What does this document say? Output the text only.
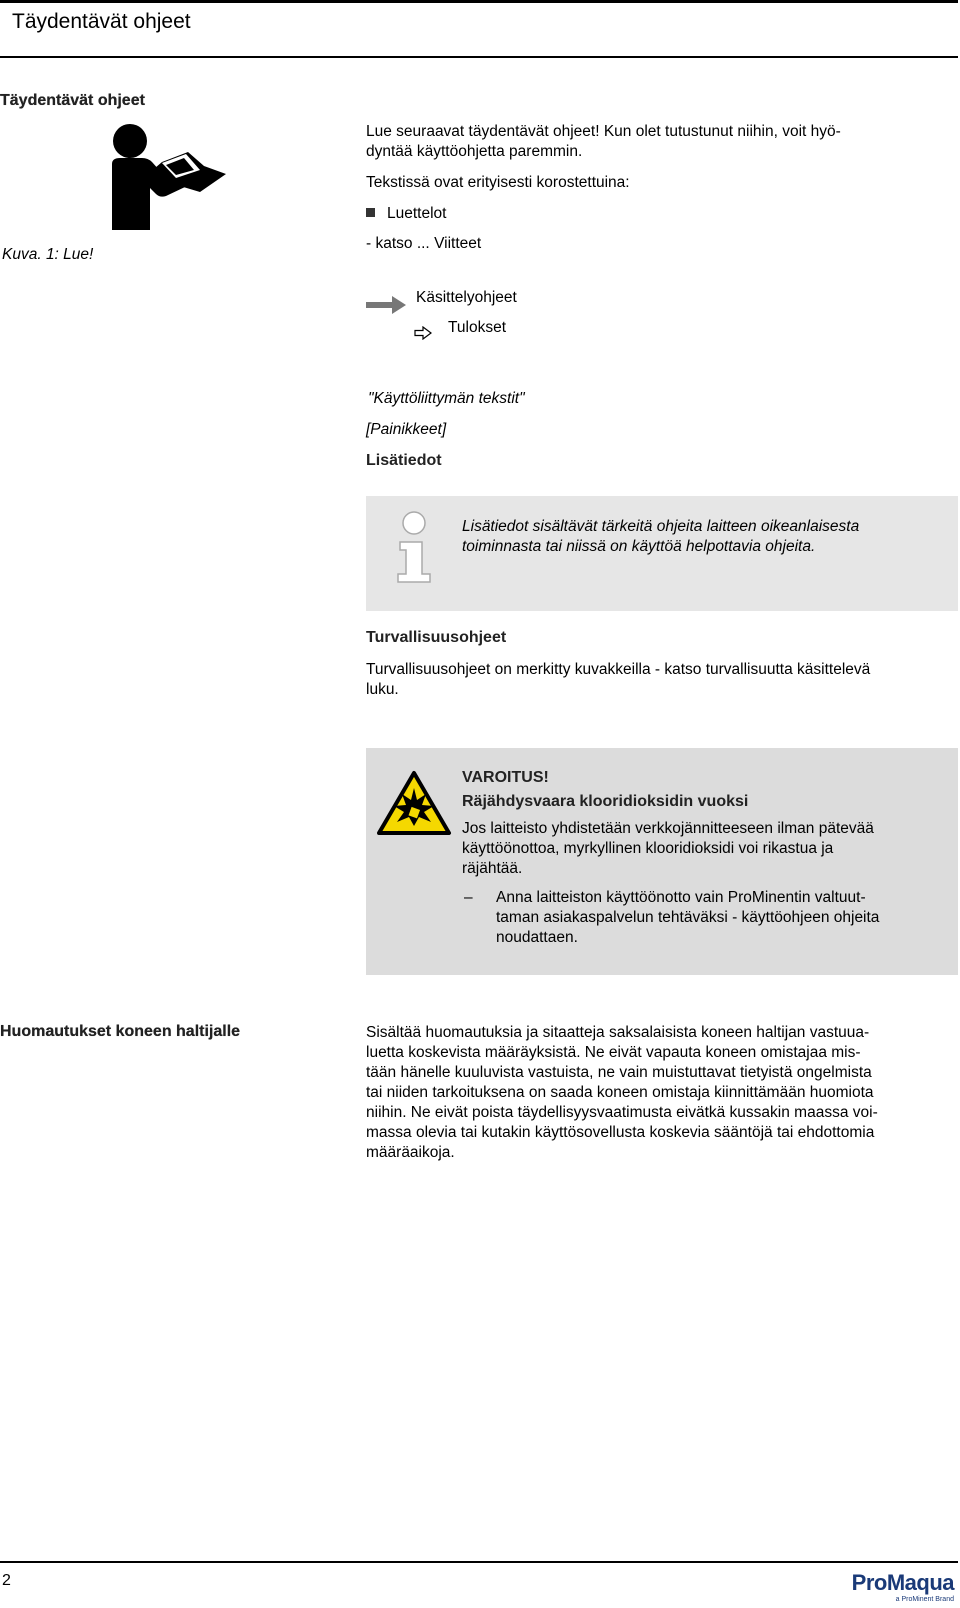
Täydentävät ohjeet
Täydentävät ohjeet
Kuva. 1: Lue!
Lue seuraavat täydentävät ohjeet! Kun olet tutustunut niihin, voit hyö-
dyntää käyttöohjetta paremmin.
Tekstissä ovat erityisesti korostettuina:
Luettelot
- katso ... Viitteet
Käsittelyohjeet
Tulokset
"Käyttöliittymän tekstit"
[Painikkeet]
Lisätiedot
Lisätiedot sisältävät tärkeitä ohjeita laitteen oikeanlaisesta
toiminnasta tai niissä on käyttöä helpottavia ohjeita.
Turvallisuusohjeet
Turvallisuusohjeet on merkitty kuvakkeilla - katso turvallisuutta käsittelevä
luku.
VAROITUS!
Räjähdysvaara klooridioksidin vuoksi
Jos laitteisto yhdistetään verkkojännitteeseen ilman pätevää
käyttöönottoa, myrkyllinen klooridioksidi voi rikastua ja
räjähtää.
– Anna laitteiston käyttöönotto vain ProMinentin valtuut-
taman asiakaspalvelun tehtäväksi - käyttöohjeen ohjeita
noudattaen.
Huomautukset koneen haltijalle	Sisältää huomautuksia ja sitaatteja saksalaisista koneen haltijan vastuua-
luetta koskevista määräyksistä. Ne eivät vapauta koneen omistajaa mis-
tään hänelle kuuluvista vastuista, ne vain muistuttavat tietyistä ongelmista
tai niiden tarkoituksena on saada koneen omistaja kiinnittämään huomiota
niihin. Ne eivät poista täydellisyysvaatimusta eivätkä kussakin maassa voi-
massa olevia tai kutakin käyttösovellusta koskevia sääntöjä tai ehdottomia
määräaikoja.
2	ProMaqua
a ProMinent Brand
